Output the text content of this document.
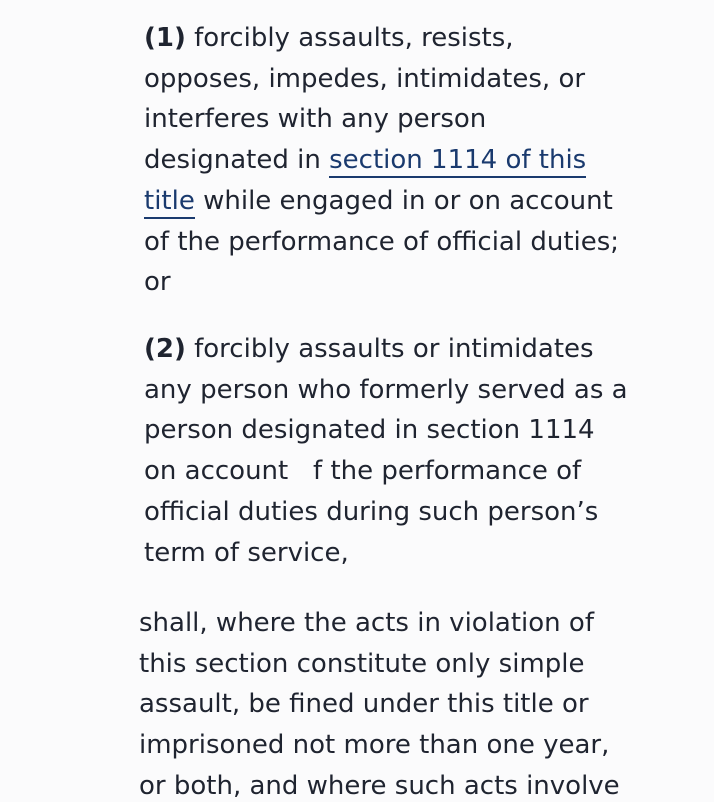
(1) forcibly assaults, resists,
opposes, impedes, intimidates, or
interferes with any person
designated in section 1114 of this
title while engaged in or on account
of the performance of official duties;
or
(2) forcibly assaults or intimidates
any person who formerly served as a
person designated in section 1114
on account   f the performance of
official duties during such person’s
term of service,
shall, where the acts in violation of
this section constitute only simple
assault, be fined under this title or
imprisoned not more than one year,
or both, and where such acts involve
